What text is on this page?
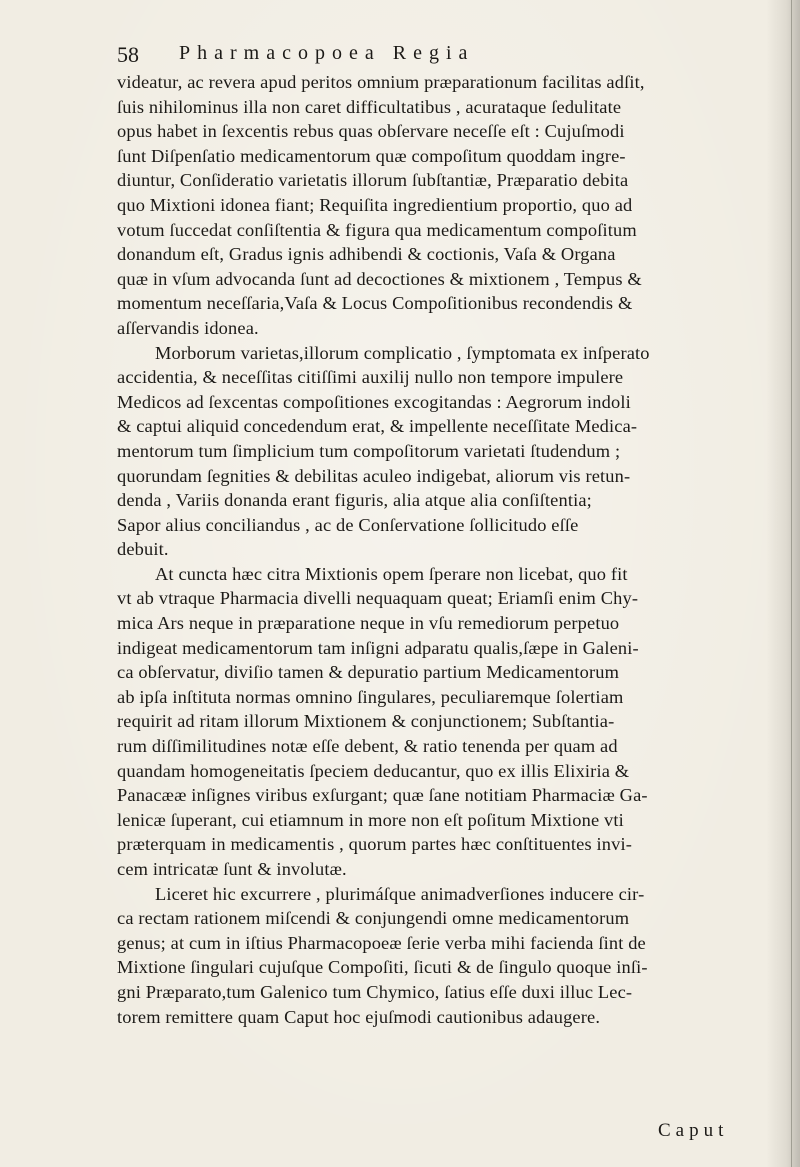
58 Pharmacopoea Regia
videatur, ac revera apud peritos omnium præparationum facilitas adſit,
ſuis nihilominus illa non caret difficultatibus , acurataque ſedulitate
opus habet in ſexcentis rebus quas obſervare neceſſe eſt : Cujuſmodi
ſunt Diſpenſatio medicamentorum quæ compoſitum quoddam ingre-
diuntur, Conſideratio varietatis illorum ſubſtantiæ, Præparatio debita
quo Mixtioni idonea fiant; Requiſita ingredientium proportio, quo ad
votum ſuccedat conſiſtentia & figura qua medicamentum compoſitum
donandum eſt, Gradus ignis adhibendi & coctionis, Vaſa & Organa
quæ in vſum advocanda ſunt ad decoctiones & mixtionem , Tempus &
momentum neceſſaria,Vaſa & Locus Compoſitionibus recondendis &
aſſervandis idonea.
Morborum varietas,illorum complicatio , ſymptomata ex inſperato
accidentia, & neceſſitas citiſſimi auxilij nullo non tempore impulere
Medicos ad ſexcentas compoſitiones excogitandas : Aegrorum indoli
& captui aliquid concedendum erat, & impellente neceſſitate Medica-
mentorum tum ſimplicium tum compoſitorum varietati ſtudendum ;
quorundam ſegnities & debilitas aculeo indigebat, aliorum vis retun-
denda , Variis donanda erant figuris, alia atque alia conſiſtentia;
Sapor alius conciliandus , ac de Conſervatione ſollicitudo eſſe
debuit.
At cuncta hæc citra Mixtionis opem ſperare non licebat, quo fit
vt ab vtraque Pharmacia divelli nequaquam queat; Eriamſi enim Chy-
mica Ars neque in præparatione neque in vſu remediorum perpetuo
indigeat medicamentorum tam inſigni adparatu qualis,ſæpe in Galeni-
ca obſervatur, diviſio tamen & depuratio partium Medicamentorum
ab ipſa inſtituta normas omnino ſingulares, peculiaremque ſolertiam
requirit ad ritam illorum Mixtionem & conjunctionem; Subſtantia-
rum diſſimilitudines notæ eſſe debent, & ratio tenenda per quam ad
quandam homogeneitatis ſpeciem deducantur, quo ex illis Elixiria &
Panacææ inſignes viribus exſurgant; quæ ſane notitiam Pharmaciæ Ga-
lenicæ ſuperant, cui etiamnum in more non eſt poſitum Mixtione vti
præterquam in medicamentis , quorum partes hæc conſtituentes invi-
cem intricatæ ſunt & involutæ.
Liceret hic excurrere , plurimáſque animadverſiones inducere cir-
ca rectam rationem miſcendi & conjungendi omne medicamentorum
genus; at cum in iſtius Pharmacopoeæ ſerie verba mihi facienda ſint de
Mixtione ſingulari cujuſque Compoſiti, ſicuti & de ſingulo quoque inſi-
gni Præparato,tum Galenico tum Chymico, ſatius eſſe duxi illuc Lec-
torem remittere quam Caput hoc ejuſmodi cautionibus adaugere.
Caput
